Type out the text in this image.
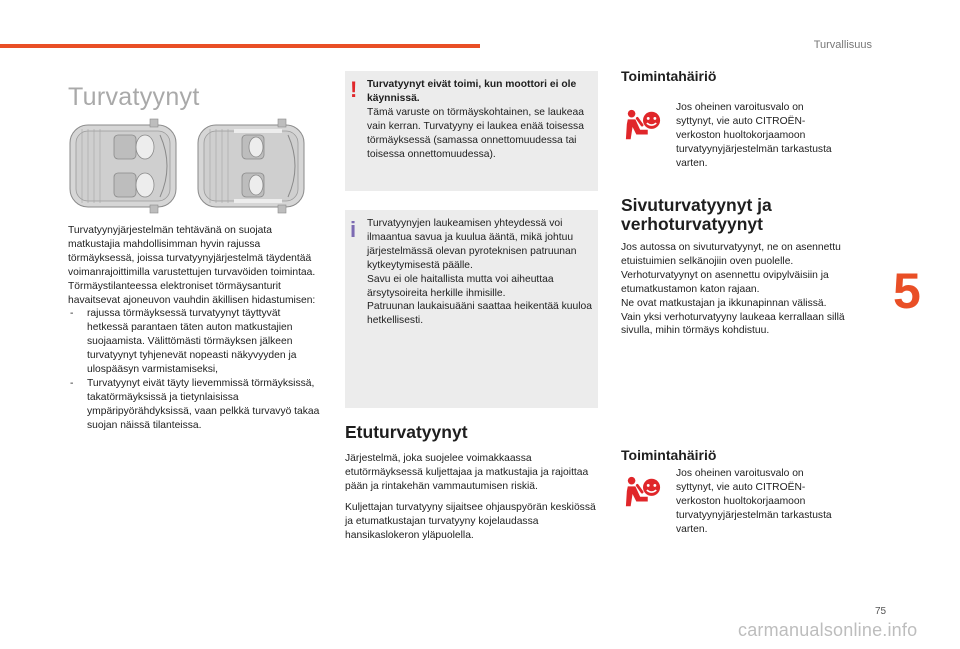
Turvallisuus
Turvatyynyt

Turvatyynyjärjestelmän tehtävänä on suojata matkustajia mahdollisimman hyvin rajussa törmäyksessä, joissa turvatyynyjärjestelmä täydentää voimanrajoittimilla varustettujen turvavöiden toimintaa.

Törmäystilanteessa elektroniset törmäysanturit havaitsevat ajoneuvon vauhdin äkillisen hidastumisen:

- rajussa törmäyksessä turvatyynyt täyttyvät hetkessä parantaen täten auton matkustajien suojaamista. Välittömästi törmäyksen jälkeen turvatyynyt tyhjenevät nopeasti näkyvyyden ja ulospääsyn varmistamiseksi,
- Turvatyynyt eivät täyty lievemmissä törmäyksissä, takatörmäyksissä ja tietynlaisissa ympäripyörähdyksissä, vaan pelkkä turvavyö takaa suojan näissä tilanteissa.
! Turvatyynyt eivät toimi, kun moottori ei ole käynnissä.

Tämä varuste on törmäyskohtainen, se laukeaa vain kerran. Turvatyyny ei laukea enää toisessa törmäyksessä (samassa onnettomuudessa tai toisessa onnettomuudessa).

i Turvatyynyjen laukeamisen yhteydessä voi ilmaantua savua ja kuulua ääntä, mikä johtuu järjestelmässä olevan pyroteknisen patruunan kytkeytymisestä päälle.

Savu ei ole haitallista mutta voi aiheuttaa ärsytysoireita herkille ihmisille.

Patruunan laukaisuääni saattaa heikentää kuuloa hetkellisesti.

Etuturvatyynyt

Järjestelmä, joka suojelee voimakkaassa etutörmäyksessä kuljettajaa ja matkustajia ja rajoittaa pään ja rintakehän vammautumisen riskiä.

Kuljettajan turvatyyny sijaitsee ohjauspyörän keskiössä ja etumatkustajan turvatyyny kojelaudassa hansikaslokeron yläpuolella.

Toimintahäiriö

Jos oheinen varoitusvalo on syttynyt, vie auto CITROËN-verkoston huoltokorjaamoon turvatyynyjärjestelmän tarkastusta varten.

Sivuturvatyynyt ja verhoturvatyynyt
Jos autossa on sivuturvatyynyt, ne on asennettu etuistuimien selkänojiin oven puolelle.
Verhoturvatyynyt on asennettu ovipylväisiin ja etumatkustamon katon rajaan.
Ne ovat matkustajan ja ikkunapinnan välissä.
Vain yksi verhoturvatyyny laukeaa kerrallaan sillä sivulla, mihin törmäys kohdistuu.
Toimintahäiriö

Jos oheinen varoitusvalo on syttynyt, vie auto CITROËN-verkoston huoltokorjaamoon turvatyynyjärjestelmän tarkastusta varten.

5
75
carmanualsonline.info
